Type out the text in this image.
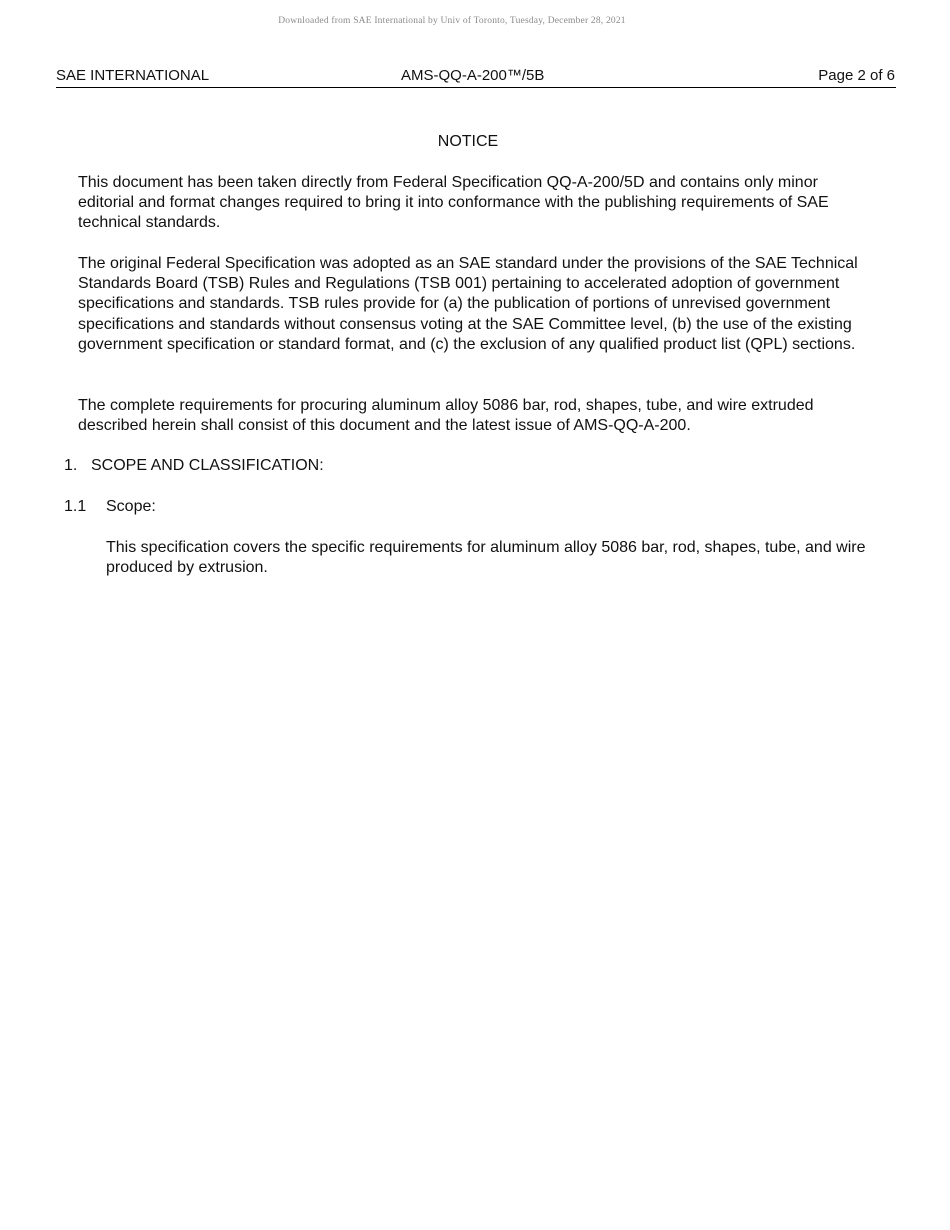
Downloaded from SAE International by Univ of Toronto, Tuesday, December 28, 2021
SAE INTERNATIONAL	AMS-QQ-A-200™/5B	Page 2 of 6
NOTICE

This document has been taken directly from Federal Specification QQ-A-200/5D and contains only minor editorial and format changes required to bring it into conformance with the publishing requirements of SAE technical standards.

The original Federal Specification was adopted as an SAE standard under the provisions of the SAE Technical Standards Board (TSB) Rules and Regulations (TSB 001) pertaining to accelerated adoption of government specifications and standards. TSB rules provide for (a) the publication of portions of unrevised government specifications and standards without consensus voting at the SAE Committee level, (b) the use of the existing government specification or standard format, and (c) the exclusion of any qualified product list (QPL) sections.

The complete requirements for procuring aluminum alloy 5086 bar, rod, shapes, tube, and wire extruded described herein shall consist of this document and the latest issue of AMS-QQ-A-200.

1. SCOPE AND CLASSIFICATION:
1.1 Scope:

This specification covers the specific requirements for aluminum alloy 5086 bar, rod, shapes, tube, and wire produced by extrusion.
